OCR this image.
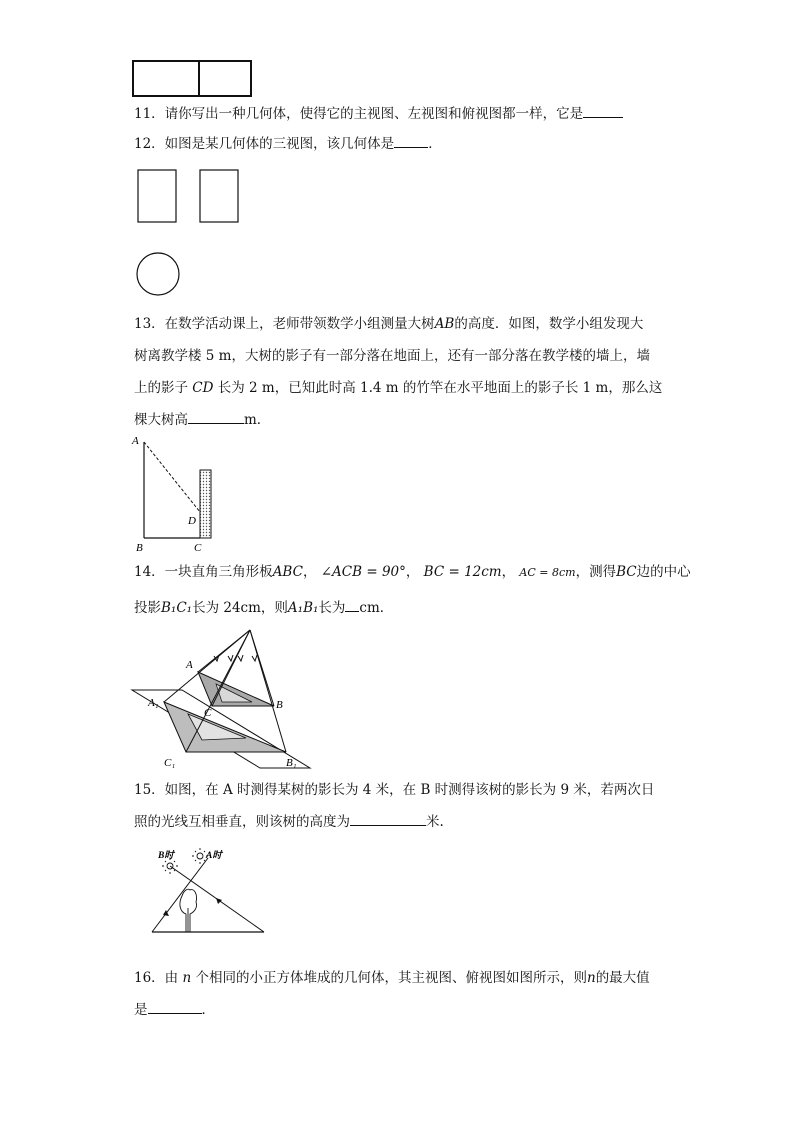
11．请你写出一种几何体，使得它的主视图、左视图和俯视图都一样，它是
12．如图是某几何体的三视图，该几何体是	．
13．在数学活动课上，老师带领数学小组测量大树AB的高度．如图，数学小组发现大
树离教学楼 5 m，大树的影子有一部分落在地面上，还有一部分落在教学楼的墙上，墙
上的影子 CD 长为 2 m，已知此时高 1.4 m 的竹竿在水平地面上的影子长 1 m，那么这
棵大树高	m．
A
D
B	C
14．一块直角三角形板ABC， ∠ACB = 90°， BC = 12cm， AC = 8cm，测得BC边的中心
投影B₁C₁长为 24cm，则A₁B₁长为 cm．
A
B
C
A₁
C₁	B₁
15．如图，在 A 时测得某树的影长为 4 米，在 B 时测得该树的影长为 9 米，若两次日
照的光线互相垂直，则该树的高度为	米.
B时	A时
16．由 n 个相同的小正方体堆成的几何体，其主视图、俯视图如图所示，则n的最大值
是	．
